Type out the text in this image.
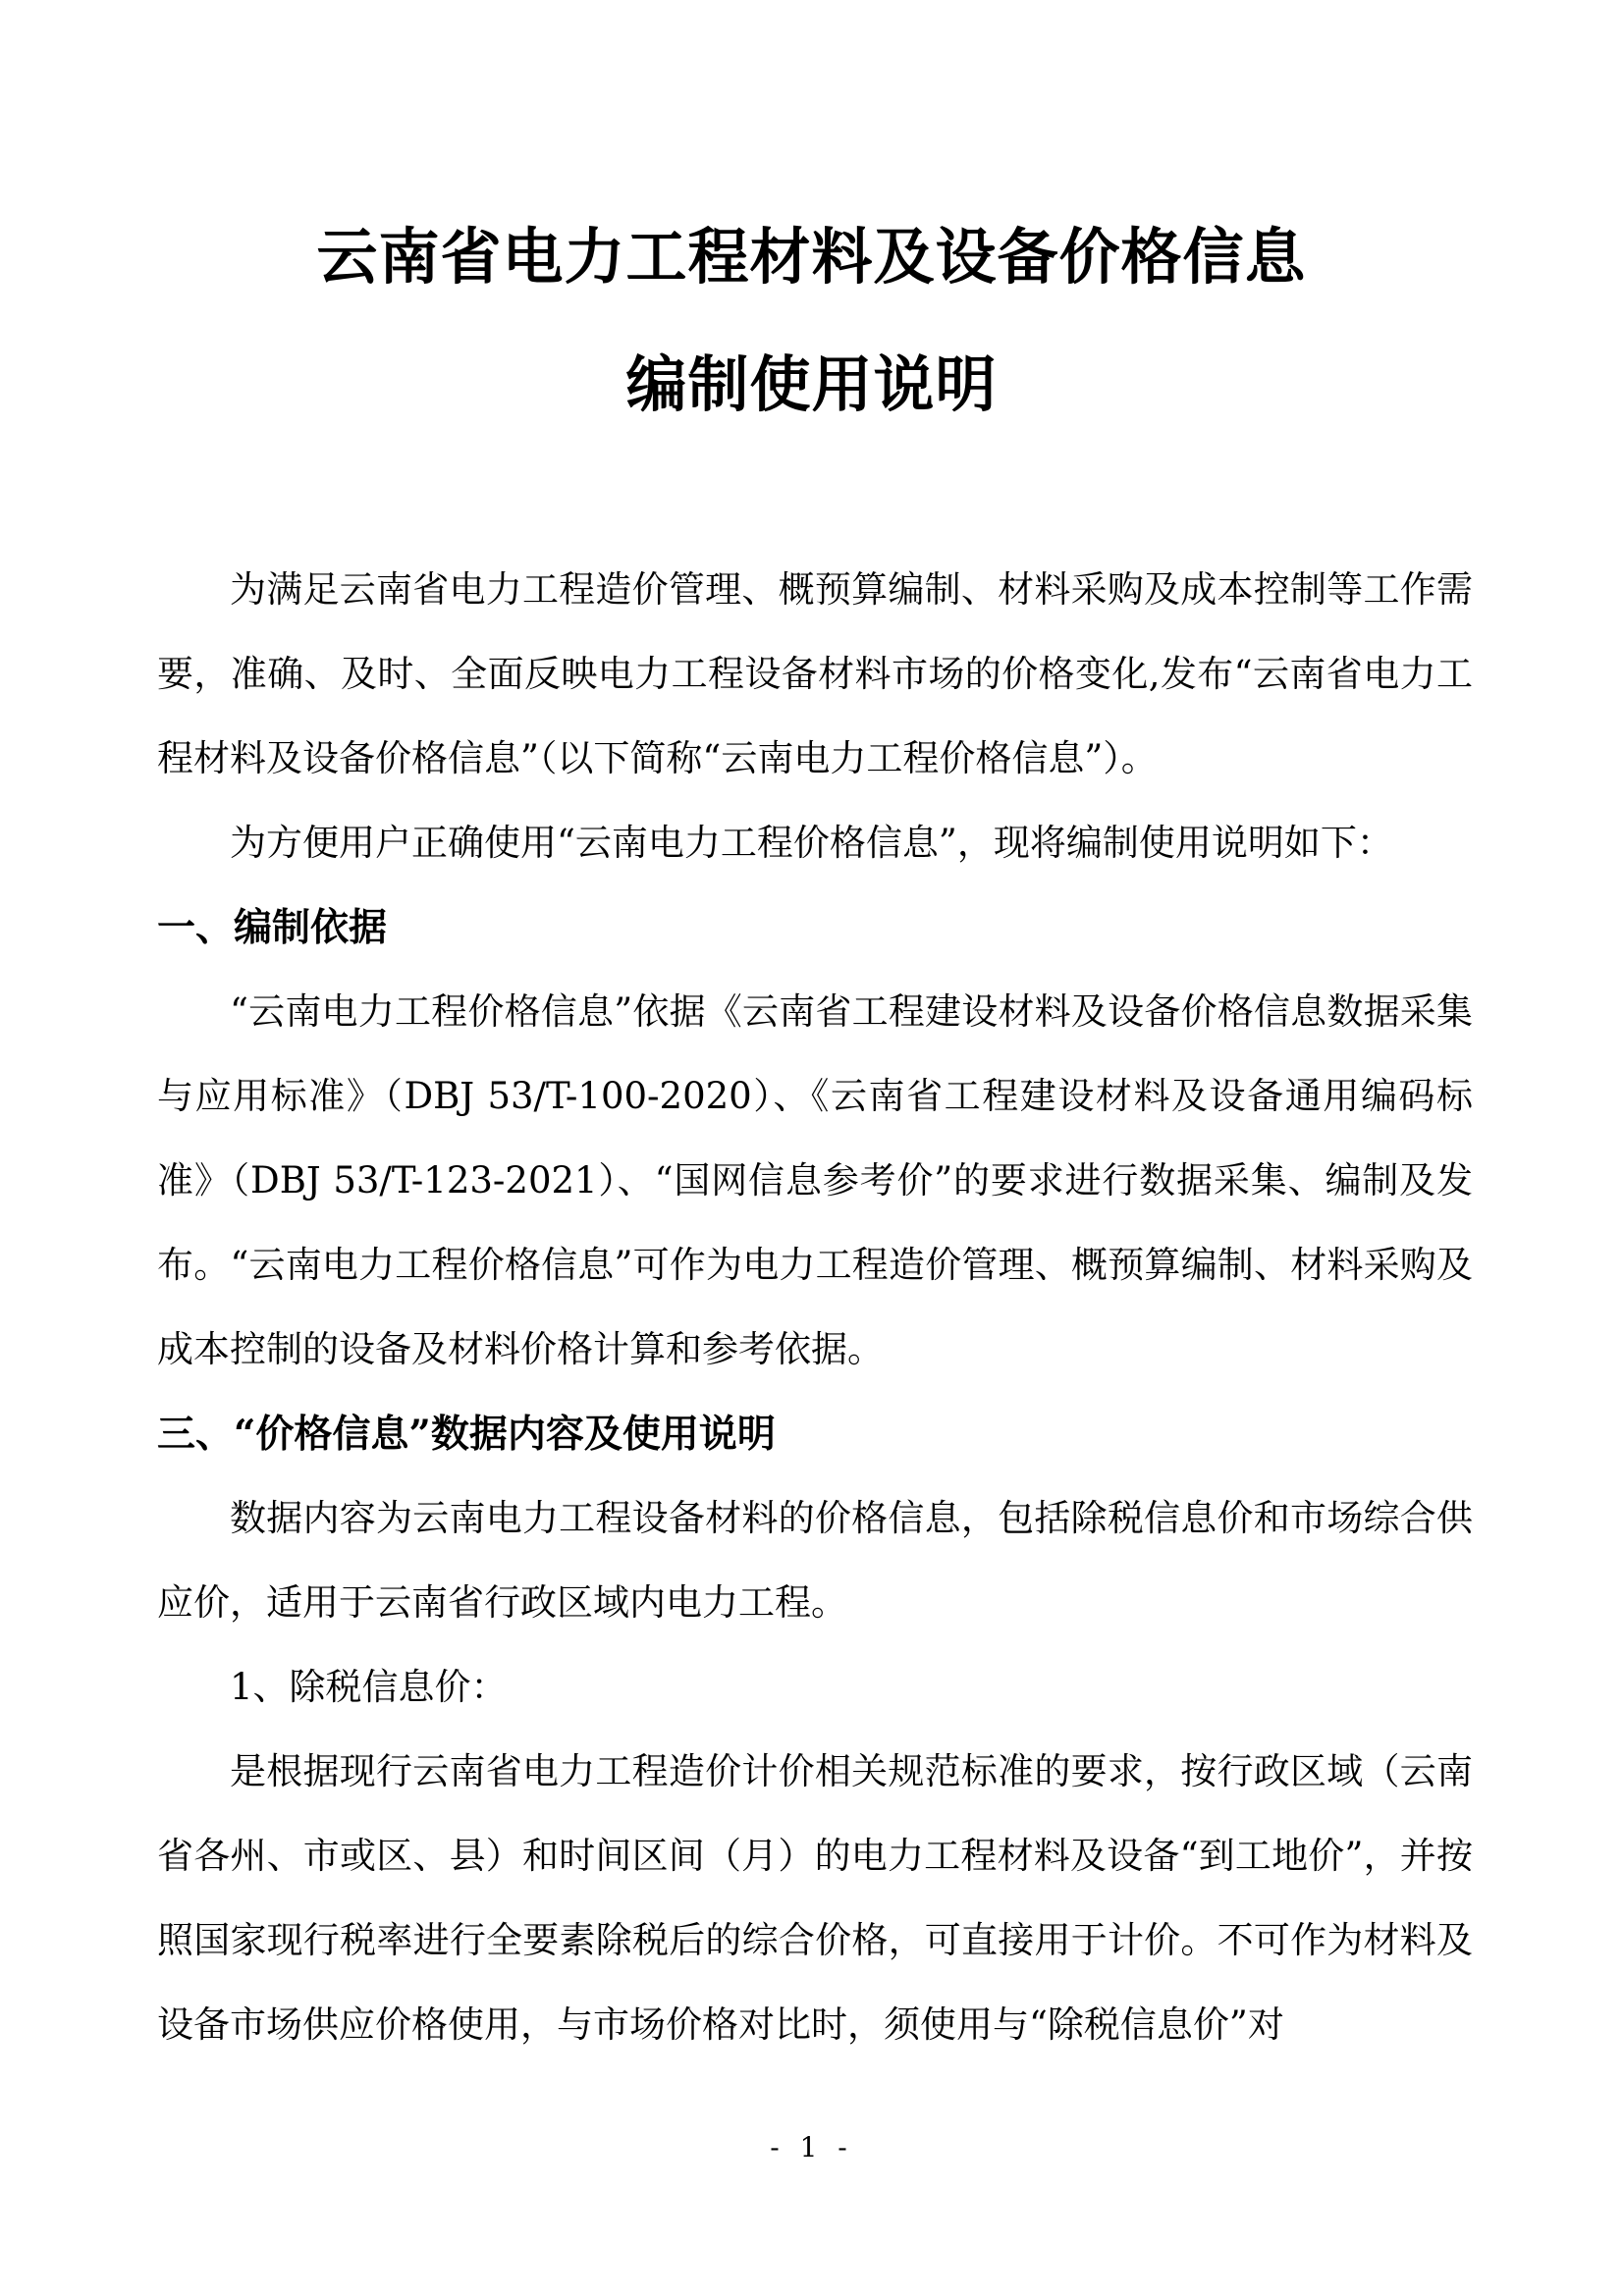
云南省电力工程材料及设备价格信息
编制使用说明

为满足云南省电力工程造价管理、概预算编制、材料采购及成本控制等工作需要，准确、及时、全面反映电力工程设备材料市场的价格变化,发布“云南省电力工程材料及设备价格信息”（以下简称“云南电力工程价格信息”）。

为方便用户正确使用“云南电力工程价格信息”，现将编制使用说明如下：

一、编制依据

“云南电力工程价格信息”依据《云南省工程建设材料及设备价格信息数据采集与应用标准》（DBJ 53/T-100-2020）、《云南省工程建设材料及设备通用编码标准》（DBJ 53/T-123-2021）、“国网信息参考价”的要求进行数据采集、编制及发布。“云南电力工程价格信息”可作为电力工程造价管理、概预算编制、材料采购及成本控制的设备及材料价格计算和参考依据。

三、“价格信息”数据内容及使用说明

数据内容为云南电力工程设备材料的价格信息，包括除税信息价和市场综合供应价，适用于云南省行政区域内电力工程。

1、除税信息价：

是根据现行云南省电力工程造价计价相关规范标准的要求，按行政区域（云南省各州、市或区、县）和时间区间（月）的电力工程材料及设备“到工地价”，并按照国家现行税率进行全要素除税后的综合价格，可直接用于计价。不可作为材料及设备市场供应价格使用，与市场价格对比时，须使用与“除税信息价”对

- 1 -
